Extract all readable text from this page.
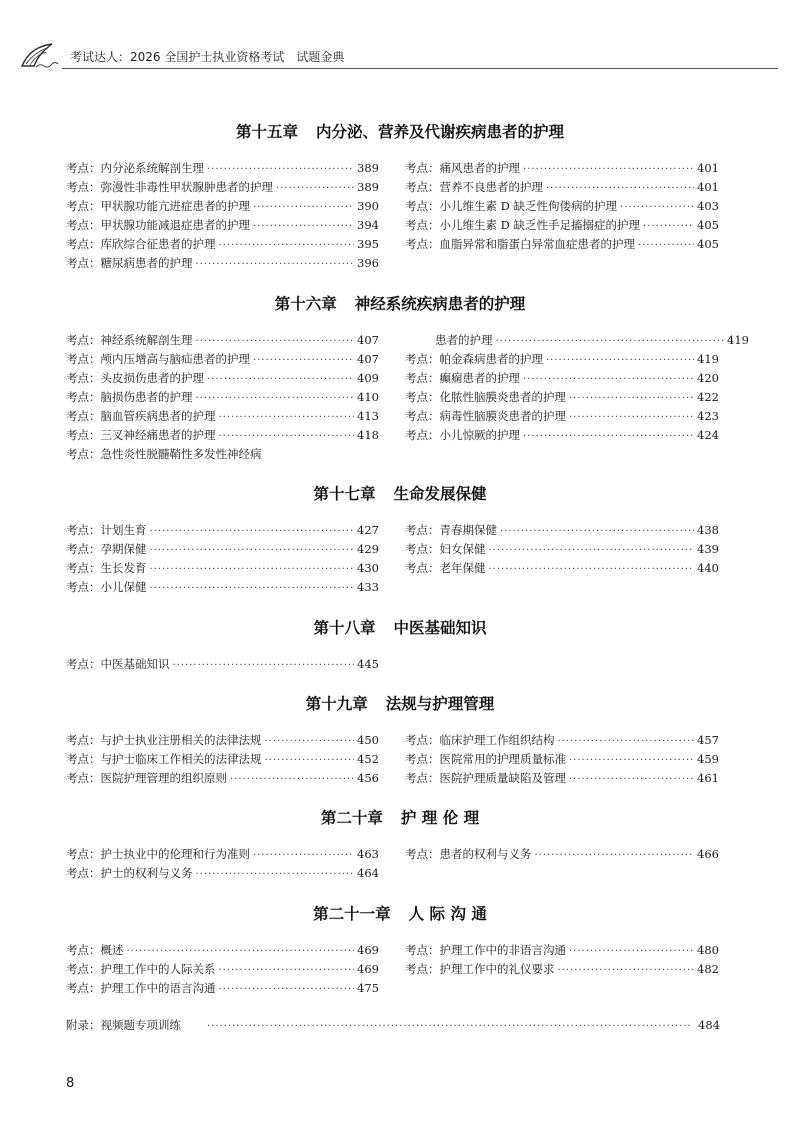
考试达人：2026 全国护士执业资格考试　试题金典
第十五章 内分泌、营养及代谢疾病患者的护理
考点：内分泌系统解剖生理 ·····	389
考点：弥漫性非毒性甲状腺肿患者的护理 ·····	389
考点：甲状腺功能亢进症患者的护理 ·····	390
考点：甲状腺功能减退症患者的护理 ·····	394
考点：库欣综合征患者的护理 ·····	395
考点：糖尿病患者的护理 ·····	396
考点：痛风患者的护理 ·····	401
考点：营养不良患者的护理 ·····	401
考点：小儿维生素 D 缺乏性佝偻病的护理 ·····	403
考点：小儿维生素 D 缺乏性手足搐搦症的护理 ·····	405
考点：血脂异常和脂蛋白异常血症患者的护理 ·····	405
第十六章 神经系统疾病患者的护理
考点：神经系统解剖生理 ·····	407
考点：颅内压增高与脑疝患者的护理 ·····	407
考点：头皮损伤患者的护理 ·····	409
考点：脑损伤患者的护理 ·····	410
考点：脑血管疾病患者的护理 ·····	413
考点：三叉神经痛患者的护理 ·····	418
考点：急性炎性脱髓鞘性多发性神经病
患者的护理 ·····	419
考点：帕金森病患者的护理 ·····	419
考点：癫痫患者的护理 ·····	420
考点：化脓性脑膜炎患者的护理 ·····	422
考点：病毒性脑膜炎患者的护理 ·····	423
考点：小儿惊厥的护理 ·····	424
第十七章 生命发展保健
考点：计划生育 ·····	427
考点：孕期保健 ·····	429
考点：生长发育 ·····	430
考点：小儿保健 ·····	433
考点：青春期保健 ·····	438
考点：妇女保健 ·····	439
考点：老年保健 ·····	440
第十八章 中医基础知识
考点：中医基础知识 ·····	445
第十九章 法规与护理管理
考点：与护士执业注册相关的法律法规 ·····	450
考点：与护士临床工作相关的法律法规 ·····	452
考点：医院护理管理的组织原则 ·····	456
考点：临床护理工作组织结构 ·····	457
考点：医院常用的护理质量标准 ·····	459
考点：医院护理质量缺陷及管理 ·····	461
第二十章 护 理 伦 理
考点：护士执业中的伦理和行为准则 ·····	463
考点：护士的权利与义务 ·····	464
考点：患者的权利与义务 ·····	466
第二十一章 人 际 沟 通
考点：概述 ·····	469
考点：护理工作中的人际关系 ·····	469
考点：护理工作中的语言沟通 ·····	475
考点：护理工作中的非语言沟通 ·····	480
考点：护理工作中的礼仪要求 ·····	482
附录：视频题专项训练 ·····	484
8
